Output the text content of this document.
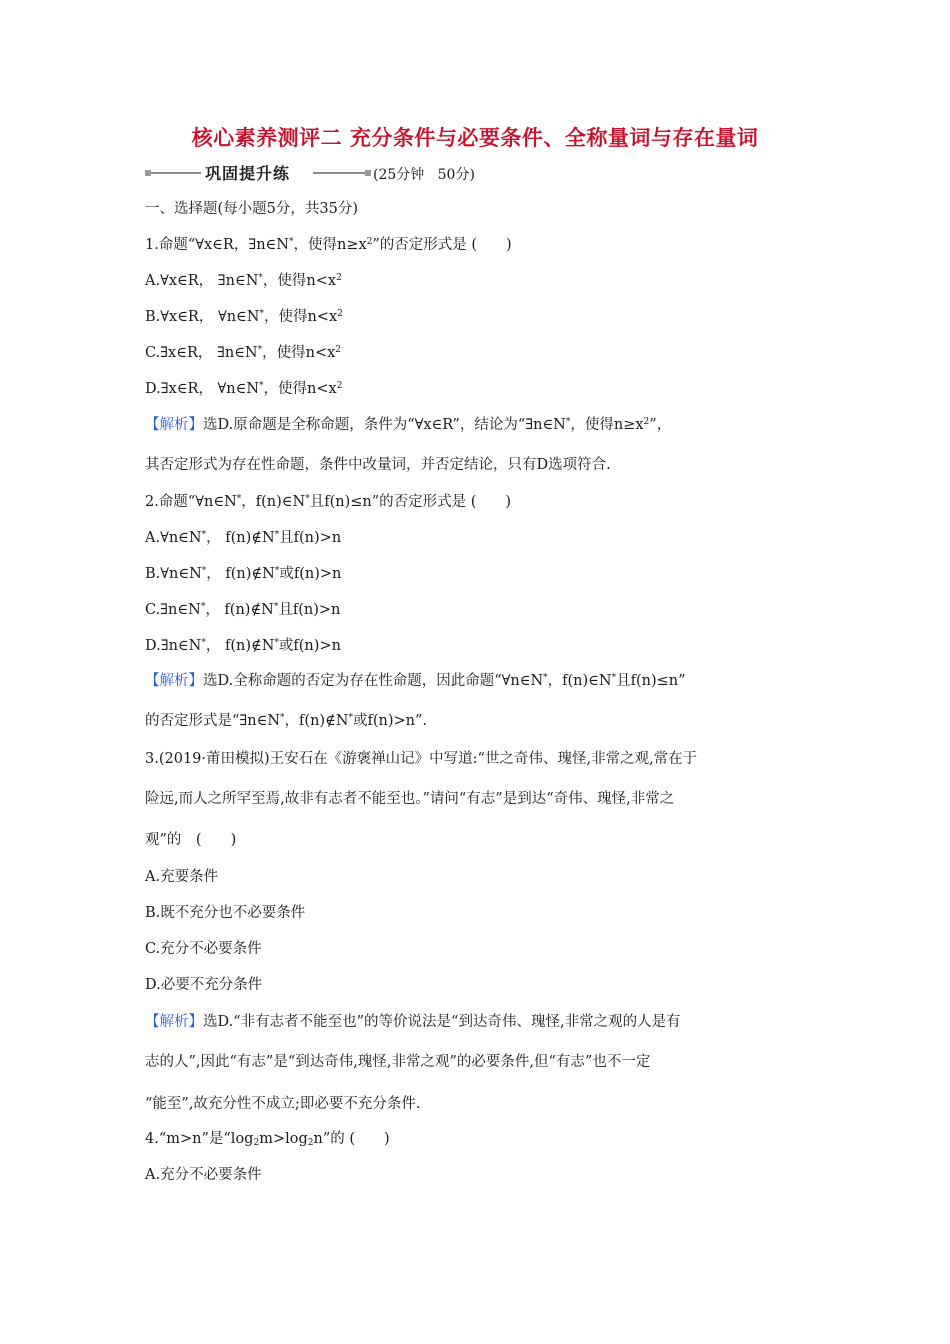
核心素养测评二 充分条件与必要条件、全称量词与存在量词
巩固提升练	(25分钟   50分)
一、选择题(每小题5分，共35分)
1.命题“∀x∈R，∃n∈N*，使得$n\ge x^2$”的否定形式是 (　　)
A.∀x∈R， ∃n∈N*，使得$n<x^2$
B.∀x∈R， ∀n∈N*，使得$n<x^2$
C.∃x∈R， ∃n∈N*，使得$n<x^2$
D.∃x∈R， ∀n∈N*，使得$n<x^2$
【解析】选D.原命题是全称命题，条件为“∀x∈R”，结论为“∃n∈N*，使得$n\ge x^2$”，
其否定形式为存在性命题，条件中改量词，并否定结论，只有D选项符合.
2.命题“∀n∈N*，f(n)∈N*且f(n)≤n”的否定形式是 (　　)
A.∀n∈N*， f(n)∉N*且f(n)>n
B.∀n∈N*， f(n)∉N*或f(n)>n
C.∃n∈N*， f(n)∉N*且f(n)>n
D.∃n∈N*， f(n)∉N*或f(n)>n
【解析】选D.全称命题的否定为存在性命题，因此命题“∀n∈N*，f(n)∈N*且f(n)≤n”
的否定形式是“∃n∈N*，f(n)∉N*或f(n)>n”.
3.(2019·莆田模拟)王安石在《游褒禅山记》中写道:“世之奇伟、瑰怪,非常之观,常在于
险远,而人之所罕至焉,故非有志者不能至也。”请问“有志”是到达“奇伟、瑰怪,非常之
观”的　(　　)
A.充要条件
B.既不充分也不必要条件
C.充分不必要条件
D.必要不充分条件
【解析】选D.“非有志者不能至也”的等价说法是“到达奇伟、瑰怪,非常之观的人是有
志的人”,因此“有志”是“到达奇伟,瑰怪,非常之观”的必要条件,但“有志”也不一定
“能至”,故充分性不成立;即必要不充分条件.
4.“m>n”是“$\log_2m>\log_2n$”的 (　　)
A.充分不必要条件
